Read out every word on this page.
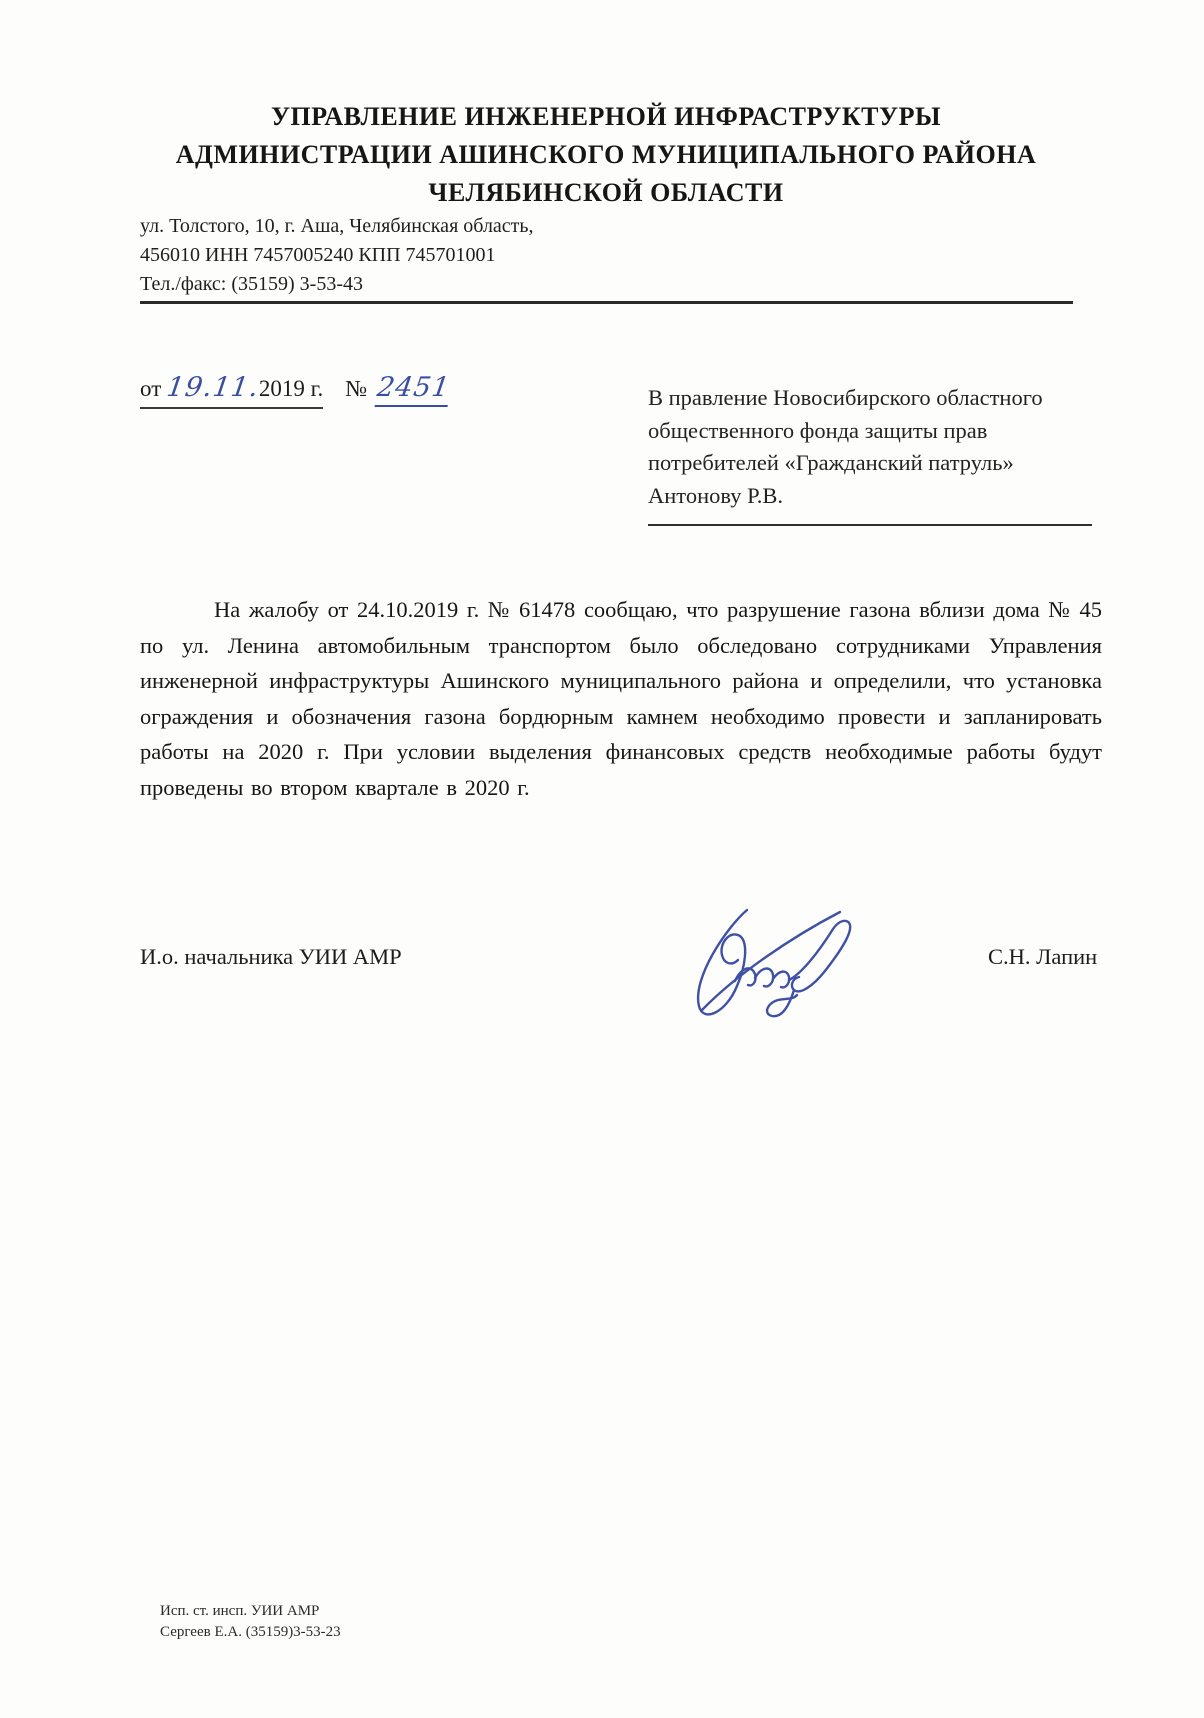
УПРАВЛЕНИЕ ИНЖЕНЕРНОЙ ИНФРАСТРУКТУРЫ
АДМИНИСТРАЦИИ АШИНСКОГО МУНИЦИПАЛЬНОГО РАЙОНА
ЧЕЛЯБИНСКОЙ ОБЛАСТИ
ул. Толстого, 10, г. Аша, Челябинская область,
456010 ИНН 7457005240 КПП 745701001
Тел./факс: (35159) 3-53-43
от 19.11.2019 г. № 2451	В правление Новосибирского областного
общественного фонда защиты прав
потребителей «Гражданский патруль»
Антонову Р.В.
На жалобу от 24.10.2019 г. № 61478 сообщаю, что разрушение газона вблизи дома № 45 по ул. Ленина автомобильным транспортом было обследовано сотрудниками Управления инженерной инфраструктуры Ашинского муниципального района и определили, что установка ограждения и обозначения газона бордюрным камнем необходимо провести и запланировать работы на 2020 г. При условии выделения финансовых средств необходимые работы будут проведены во втором квартале в 2020 г.
И.о. начальника УИИ АМР	С.Н. Лапин
Исп. ст. инсп. УИИ АМР
Сергеев Е.А. (35159)3-53-23
